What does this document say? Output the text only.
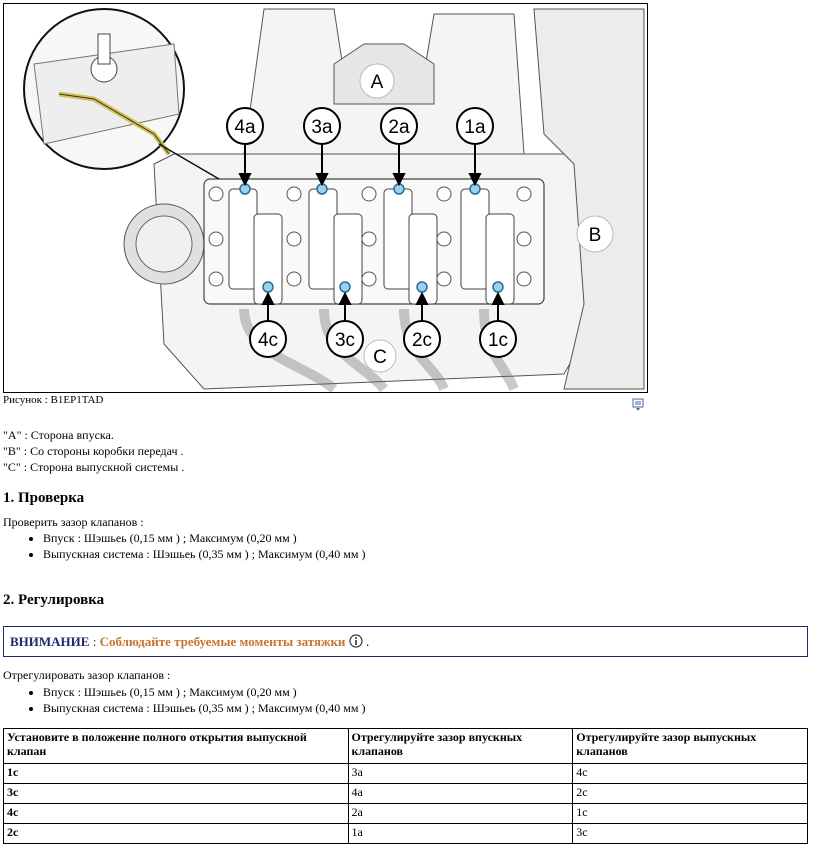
4a	3a	2a	1a
4c	3c	2c	1c
A
B
C
Рисунок : B1EP1TAD
"A" : Сторона впуска.
"B" : Со стороны коробки передач .
"C" : Сторона выпускной системы .
1. Проверка
Проверить зазор клапанов :
• Впуск : Шэшьеь (0,15 мм ) ; Максимум (0,20 мм )
• Выпускная система : Шэшьеь (0,35 мм ) ; Максимум (0,40 мм )
2. Регулировка
ВНИМАНИЕ : Соблюдайте требуемые моменты затяжки  .
Отрегулировать зазор клапанов :
• Впуск : Шэшьеь (0,15 мм ) ; Максимум (0,20 мм )
• Выпускная система : Шэшьеь (0,35 мм ) ; Максимум (0,40 мм )
Установите в положение полного открытия выпускной клапан	Отрегулируйте зазор впускных клапанов	Отрегулируйте зазор выпускных клапанов
1c	3a	4c
3c	4a	2c
4c	2a	1c
2c	1a	3c
